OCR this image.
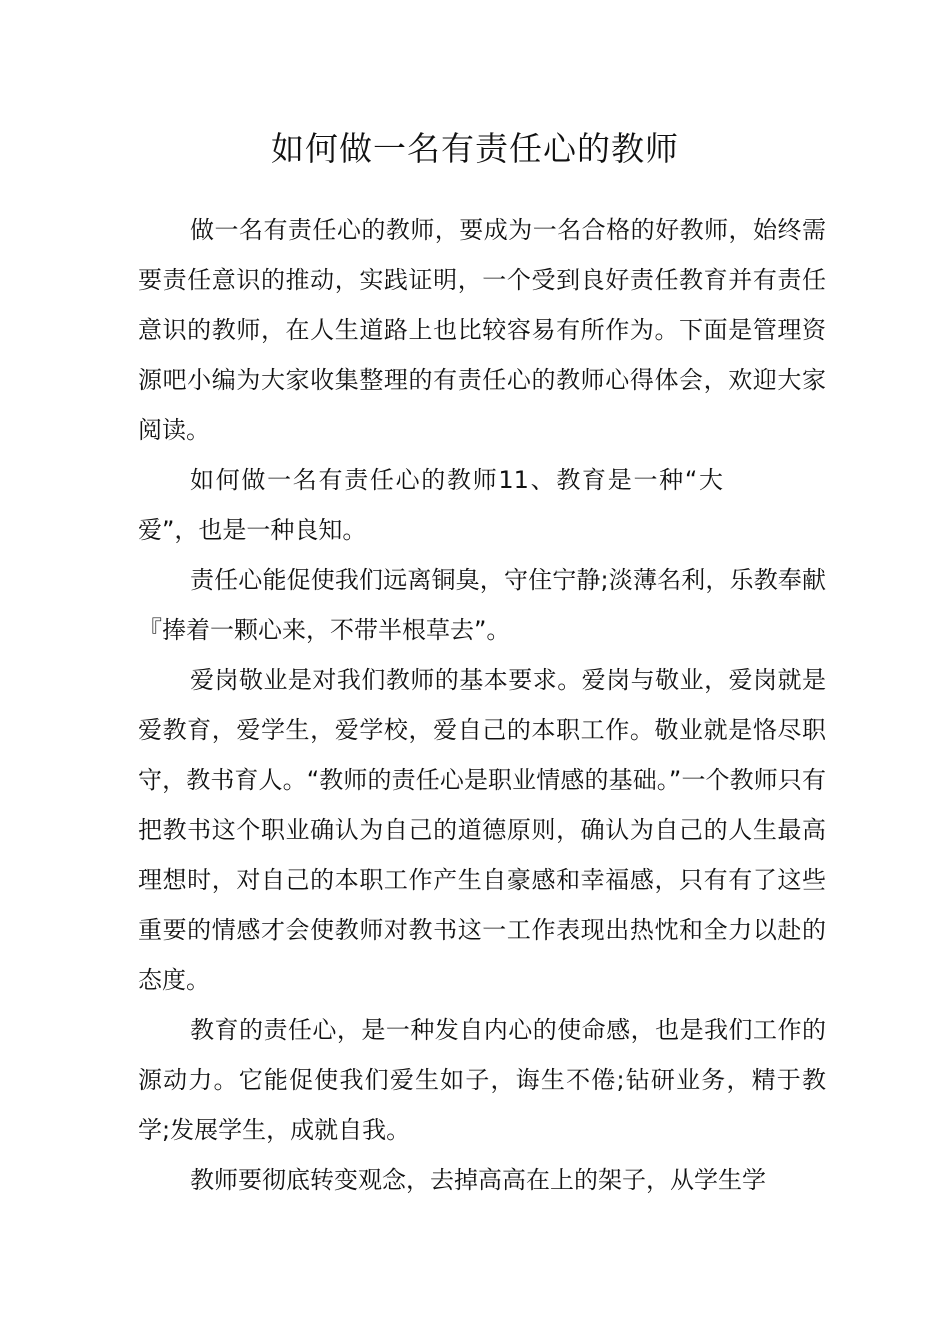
如何做一名有责任心的教师

做一名有责任心的教师，要成为一名合格的好教师，始终需要责任意识的推动，实践证明，一个受到良好责任教育并有责任意识的教师，在人生道路上也比较容易有所作为。下面是管理资源吧小编为大家收集整理的有责任心的教师心得体会，欢迎大家阅读。

如何做一名有责任心的教师11、教育是一种“大爱”，也是一种良知。

责任心能促使我们远离铜臭，守住宁静;淡薄名利，乐教奉献『捧着一颗心来，不带半根草去”。

爱岗敬业是对我们教师的基本要求。爱岗与敬业，爱岗就是爱教育，爱学生，爱学校，爱自己的本职工作。敬业就是恪尽职守，教书育人。“教师的责任心是职业情感的基础。”一个教师只有把教书这个职业确认为自己的道德原则，确认为自己的人生最高理想时，对自己的本职工作产生自豪感和幸福感，只有有了这些重要的情感才会使教师对教书这一工作表现出热忱和全力以赴的态度。

教育的责任心，是一种发自内心的使命感，也是我们工作的源动力。它能促使我们爱生如子，诲生不倦;钻研业务，精于教学;发展学生，成就自我。

教师要彻底转变观念，去掉高高在上的架子，从学生学
